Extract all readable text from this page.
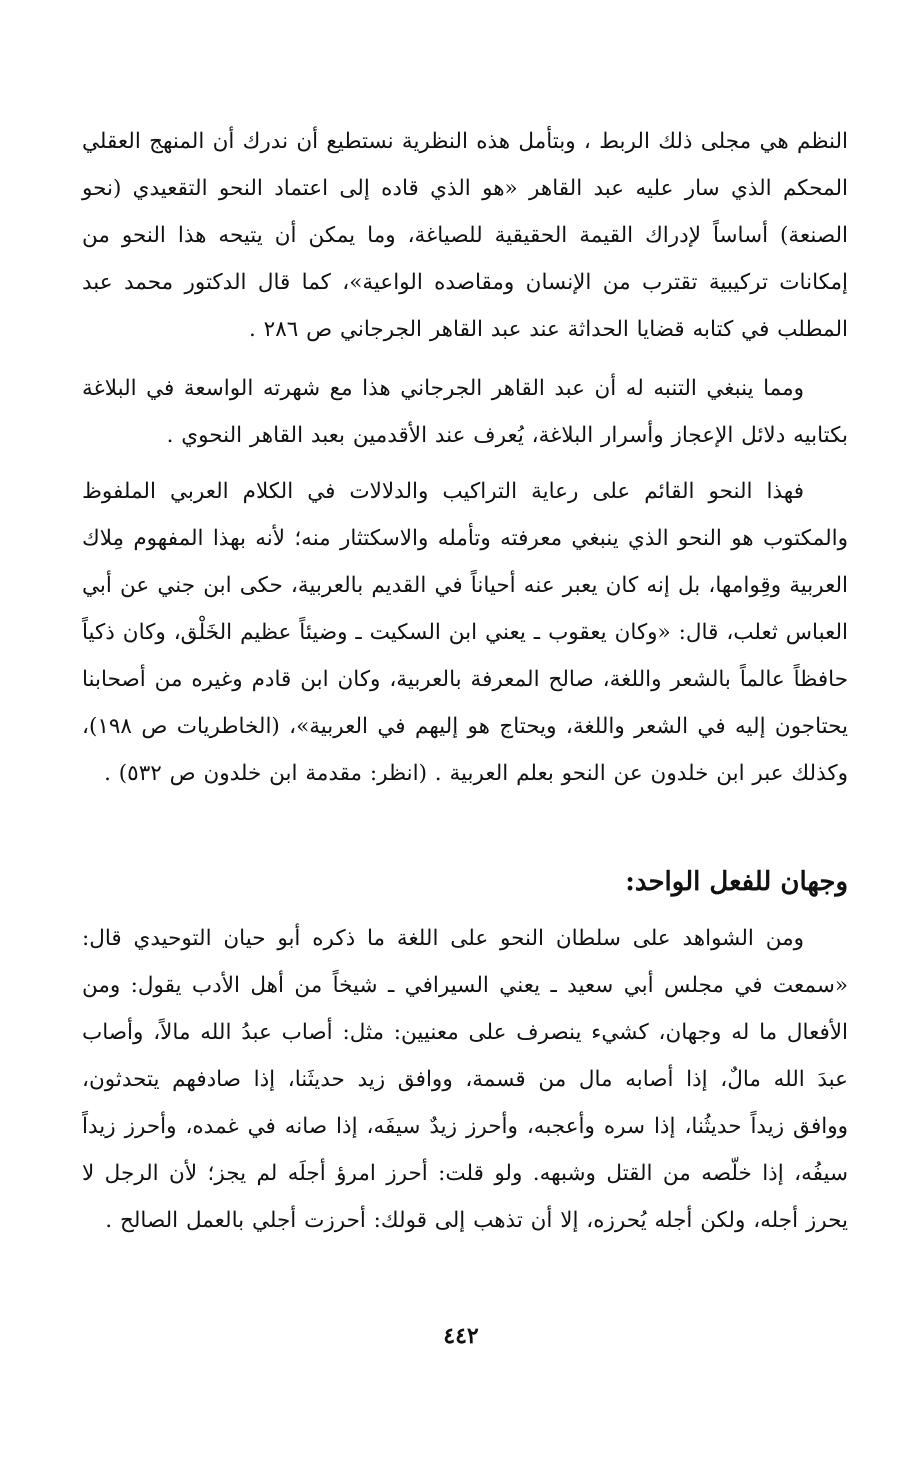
النظم هي مجلى ذلك الربط ، وبتأمل هذه النظرية نستطيع أن ندرك أن المنهج العقلي المحكم الذي سار عليه عبد القاهر «هو الذي قاده إلى اعتماد النحو التقعيدي (نحو الصنعة) أساساً لإدراك القيمة الحقيقية للصياغة، وما يمكن أن يتيحه هذا النحو من إمكانات تركيبية تقترب من الإنسان ومقاصده الواعية»، كما قال الدكتور محمد عبد المطلب في كتابه قضايا الحداثة عند عبد القاهر الجرجاني ص ٢٨٦ .

ومما ينبغي التنبه له أن عبد القاهر الجرجاني هذا مع شهرته الواسعة في البلاغة بكتابيه دلائل الإعجاز وأسرار البلاغة، يُعرف عند الأقدمين بعبد القاهر النحوي .

فهذا النحو القائم على رعاية التراكيب والدلالات في الكلام العربي الملفوظ والمكتوب هو النحو الذي ينبغي معرفته وتأمله والاسكتثار منه؛ لأنه بهذا المفهوم مِلاك العربية وقِوامها، بل إنه كان يعبر عنه أحياناً في القديم بالعربية، حكى ابن جني عن أبي العباس ثعلب، قال: «وكان يعقوب ـ يعني ابن السكيت ـ وضيئاً عظيم الخَلْق، وكان ذكياً حافظاً عالماً بالشعر واللغة، صالح المعرفة بالعربية، وكان ابن قادم وغيره من أصحابنا يحتاجون إليه في الشعر واللغة، ويحتاج هو إليهم في العربية»، (الخاطريات ص ١٩٨)، وكذلك عبر ابن خلدون عن النحو بعلم العربية . (انظر: مقدمة ابن خلدون ص ٥٣٢) .

وجهان للفعل الواحد:

ومن الشواهد على سلطان النحو على اللغة ما ذكره أبو حيان التوحيدي قال: «سمعت في مجلس أبي سعيد ـ يعني السيرافي ـ شيخاً من أهل الأدب يقول: ومن الأفعال ما له وجهان، كشيء ينصرف على معنيين: مثل: أصاب عبدُ الله مالاً، وأصاب عبدَ الله مالٌ، إذا أصابه مال من قسمة، ووافق زيد حديثَنا، إذا صادفهم يتحدثون، ووافق زيداً حديثُنا، إذا سره وأعجبه، وأحرز زيدٌ سيفَه، إذا صانه في غمده، وأحرز زيداً سيفُه، إذا خلّصه من القتل وشبهه. ولو قلت: أحرز امرؤ أجلَه لم يجز؛ لأن الرجل لا يحرز أجله، ولكن أجله يُحرزه، إلا أن تذهب إلى قولك: أحرزت أجلي بالعمل الصالح .

٤٤٢
